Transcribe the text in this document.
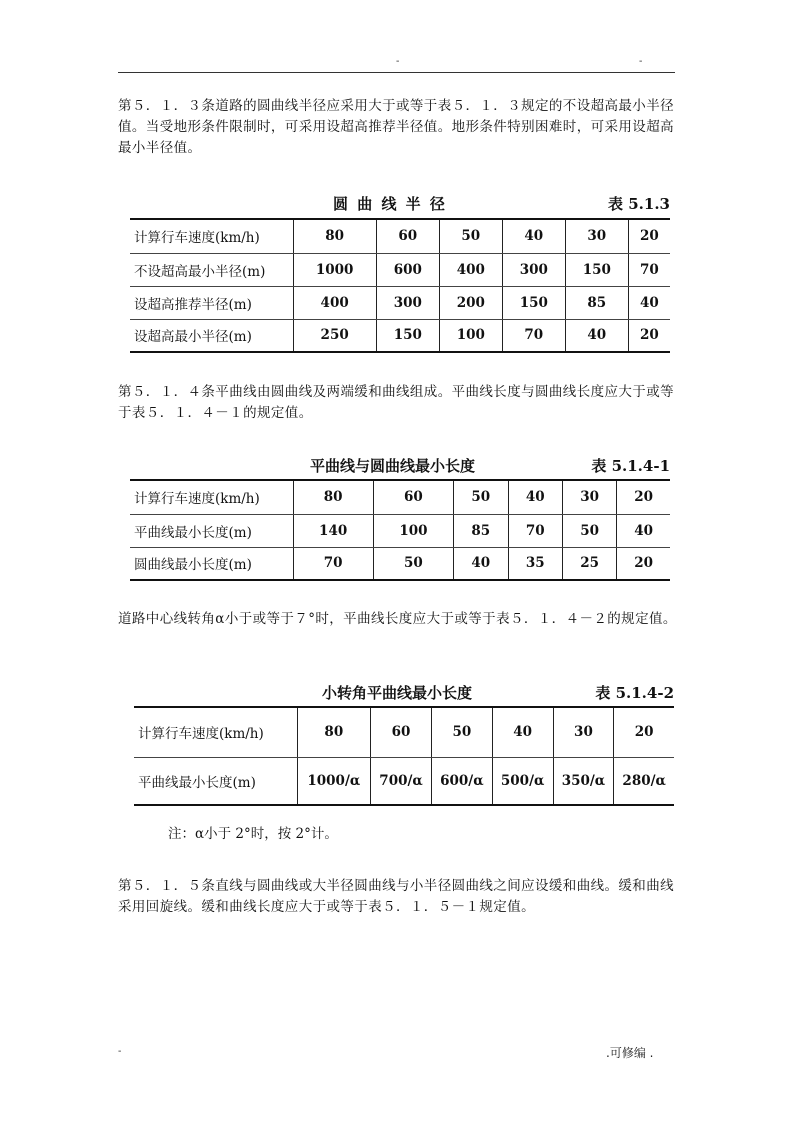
-	-
第５．１．３条道路的圆曲线半径应采用大于或等于表５．１．３规定的不设超高最小半径值。当受地形条件限制时，可采用设超高推荐半径值。地形条件特别困难时，可采用设超高最小半径值。
圆 曲 线 半 径	表 5.1.3
计算行车速度(km/h)	80	60	50	40	30	20
不设超高最小半径(m)	1000	600	400	300	150	70
设超高推荐半径(m)	400	300	200	150	85	40
设超高最小半径(m)	250	150	100	70	40	20
第５．１．４条平曲线由圆曲线及两端缓和曲线组成。平曲线长度与圆曲线长度应大于或等于表５．１．４－１的规定值。
平曲线与圆曲线最小长度	表 5.1.4-1
计算行车速度(km/h)	80	60	50	40	30	20
平曲线最小长度(m)	140	100	85	70	50	40
圆曲线最小长度(m)	70	50	40	35	25	20
道路中心线转角α小于或等于７°时，平曲线长度应大于或等于表５．１．４－２的规定值。
小转角平曲线最小长度	表 5.1.4-2
计算行车速度(km/h)	80	60	50	40	30	20
平曲线最小长度(m)	1000/α	700/α	600/α	500/α	350/α	280/α
注：α小于 2°时，按 2°计。
第５．１．５条直线与圆曲线或大半径圆曲线与小半径圆曲线之间应设缓和曲线。缓和曲线采用回旋线。缓和曲线长度应大于或等于表５．１．５－１规定值。
-	.可修编 .
